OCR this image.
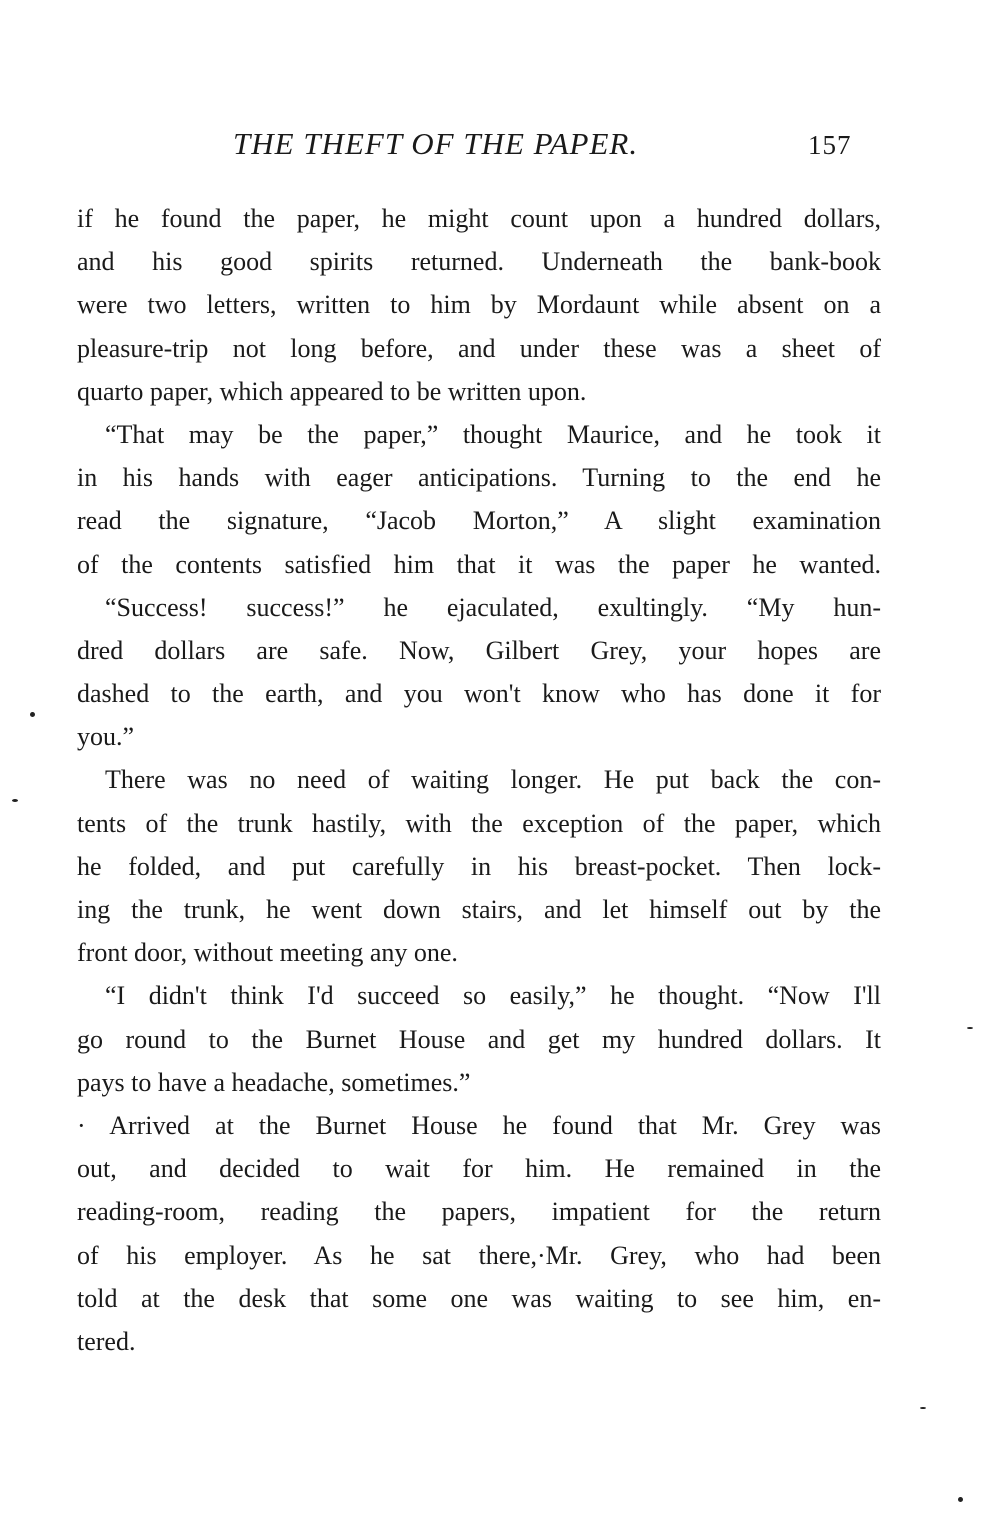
THE THEFT OF THE PAPER.	157
if he found the paper, he might count upon a hundred dollars,
and his good spirits returned. Underneath the bank-book
were two letters, written to him by Mordaunt while absent on a
pleasure-trip not long before, and under these was a sheet of
quarto paper, which appeared to be written upon.
“That may be the paper,” thought Maurice, and he took it
in his hands with eager anticipations. Turning to the end he
read the signature, “Jacob Morton,” A slight examination
of the contents satisfied him that it was the paper he wanted.
“Success! success!” he ejaculated, exultingly. “My hun-
dred dollars are safe. Now, Gilbert Grey, your hopes are
dashed to the earth, and you won't know who has done it for
you.”
There was no need of waiting longer. He put back the con-
tents of the trunk hastily, with the exception of the paper, which
he folded, and put carefully in his breast-pocket. Then lock-
ing the trunk, he went down stairs, and let himself out by the
front door, without meeting any one.
“I didn't think I'd succeed so easily,” he thought. “Now I'll
go round to the Burnet House and get my hundred dollars. It
pays to have a headache, sometimes.”
· Arrived at the Burnet House he found that Mr. Grey was
out, and decided to wait for him. He remained in the
reading-room, reading the papers, impatient for the return
of his employer. As he sat there,·Mr. Grey, who had been
told at the desk that some one was waiting to see him, en-
tered.
